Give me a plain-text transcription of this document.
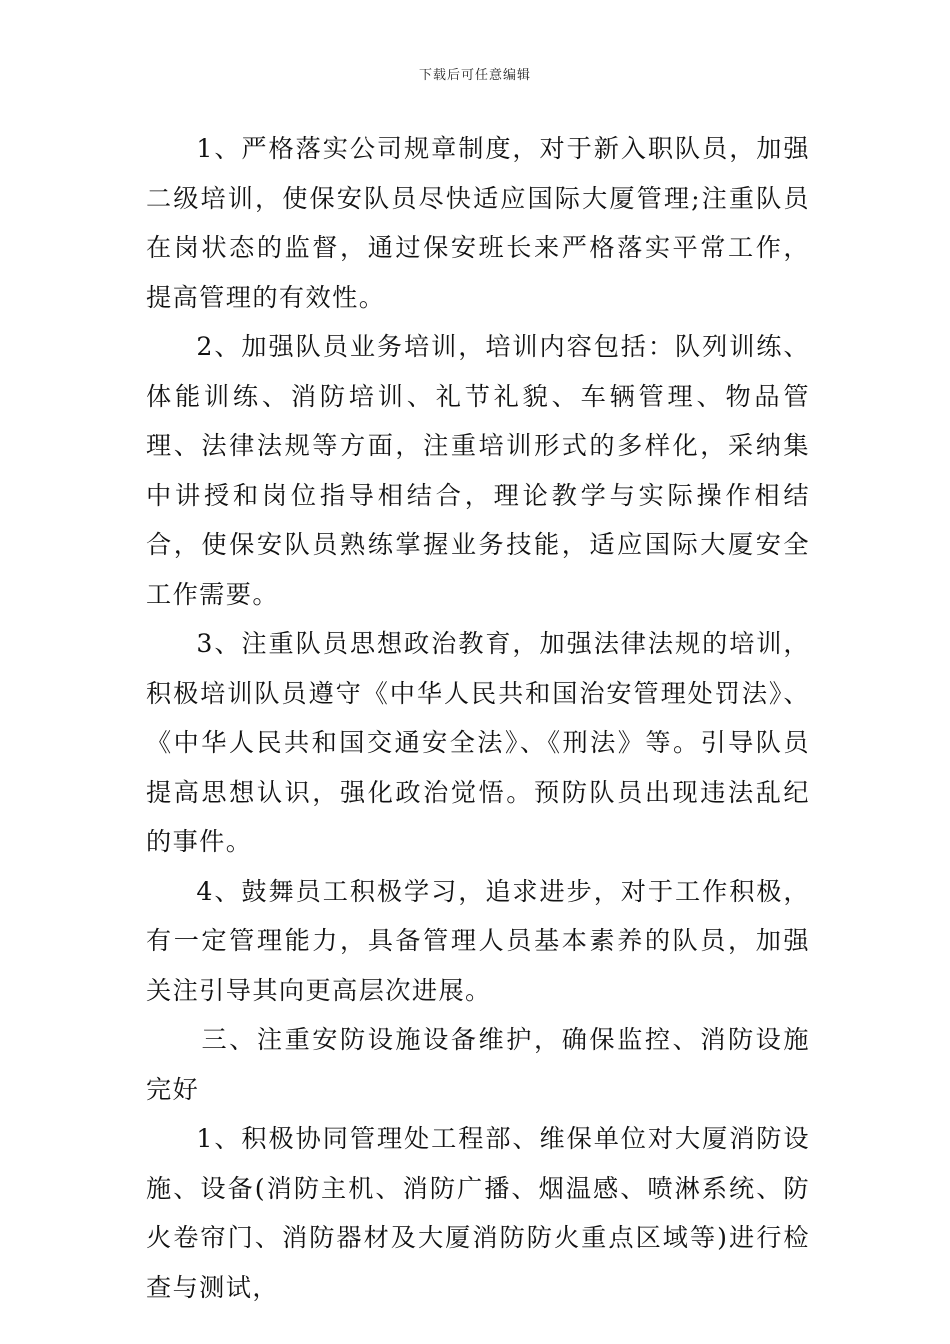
下载后可任意编辑

1、严格落实公司规章制度，对于新入职队员，加强二级培训，使保安队员尽快适应国际大厦管理;注重队员在岗状态的监督，通过保安班长来严格落实平常工作，提高管理的有效性。

2、加强队员业务培训，培训内容包括：队列训练、体能训练、消防培训、礼节礼貌、车辆管理、物品管理、法律法规等方面，注重培训形式的多样化，采纳集中讲授和岗位指导相结合，理论教学与实际操作相结合，使保安队员熟练掌握业务技能，适应国际大厦安全工作需要。

3、注重队员思想政治教育，加强法律法规的培训，积极培训队员遵守《中华人民共和国治安管理处罚法》、《中华人民共和国交通安全法》、《刑法》等。引导队员提高思想认识，强化政治觉悟。预防队员出现违法乱纪的事件。

4、鼓舞员工积极学习，追求进步，对于工作积极，有一定管理能力，具备管理人员基本素养的队员，加强关注引导其向更高层次进展。

三、注重安防设施设备维护，确保监控、消防设施完好

1、积极协同管理处工程部、维保单位对大厦消防设施、设备(消防主机、消防广播、烟温感、喷淋系统、防火卷帘门、消防器材及大厦消防防火重点区域等)进行检查与测试，
